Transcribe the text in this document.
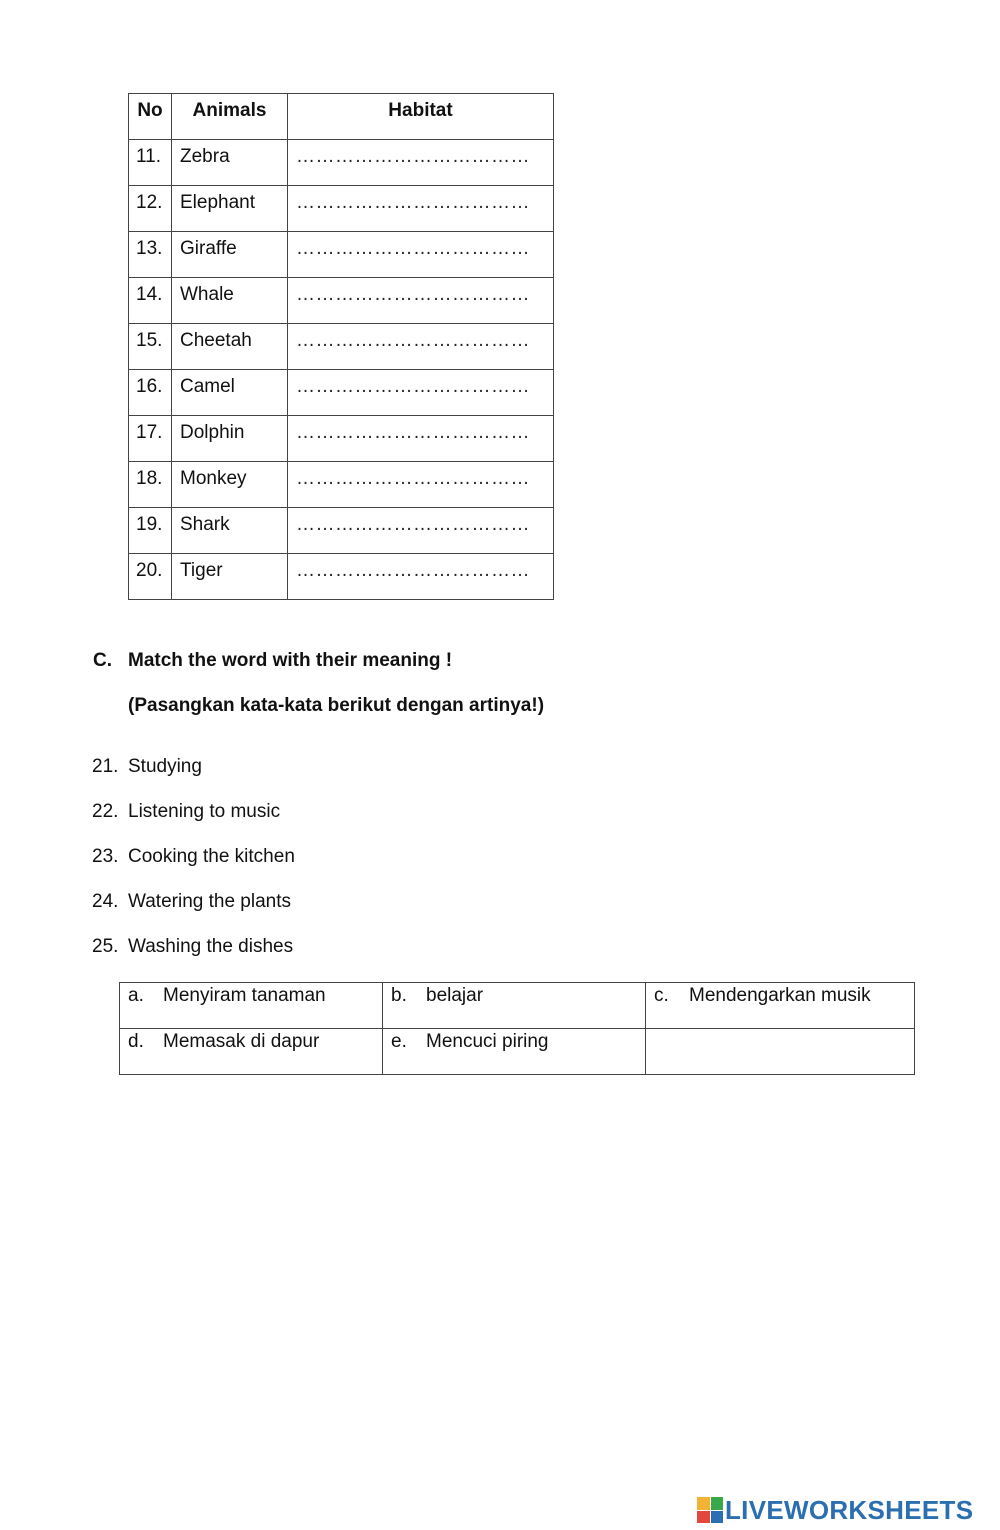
No	Animals	Habitat
11.	Zebra	………………………………
12.	Elephant	………………………………
13.	Giraffe	………………………………
14.	Whale	………………………………
15.	Cheetah	………………………………
16.	Camel	………………………………
17.	Dolphin	………………………………
18.	Monkey	………………………………
19.	Shark	………………………………
20.	Tiger	………………………………
C. Match the word with their meaning !
(Pasangkan kata-kata berikut dengan artinya!)
21. Studying
22. Listening to music
23. Cooking the kitchen
24. Watering the plants
25. Washing the dishes
a. Menyiram tanaman	b. belajar	c. Mendengarkan musik
d. Memasak di dapur	e. Mencuci piring	
LIVEWORKSHEETS
